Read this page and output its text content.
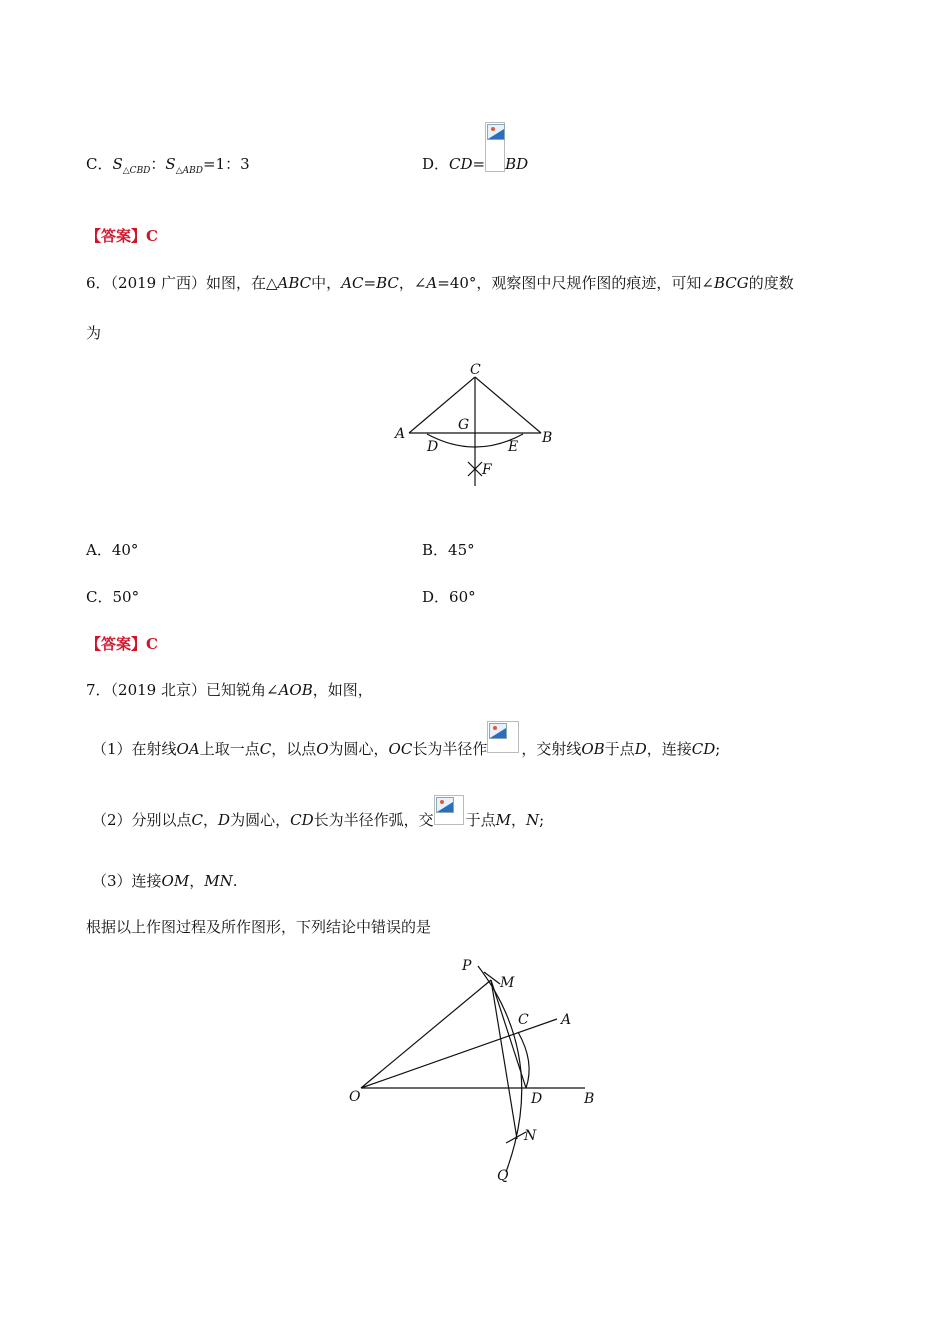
C．$S_{\triangle CBD}$：$S_{\triangle ABD}=1$：3	D．CD= BD
【答案】C
6．（2019 广西）如图，在△ABC中，AC=BC，∠A=40°，观察图中尺规作图的痕迹，可知∠BCG的度数
为
C
G
A
D	E
B
F
A．40°	B．45°
C．50°	D．60°
【答案】C
7．（2019 北京）已知锐角∠AOB，如图，
（1）在射线OA上取一点C，以点O为圆心，OC长为半径作 ，交射线OB于点D，连接CD;
（2）分别以点C，D为圆心，CD长为半径作弧，交 于点M，N;
（3）连接OM，MN.
根据以上作图过程及所作图形，下列结论中错误的是
P
M
C A
O	D	B
N
Q
